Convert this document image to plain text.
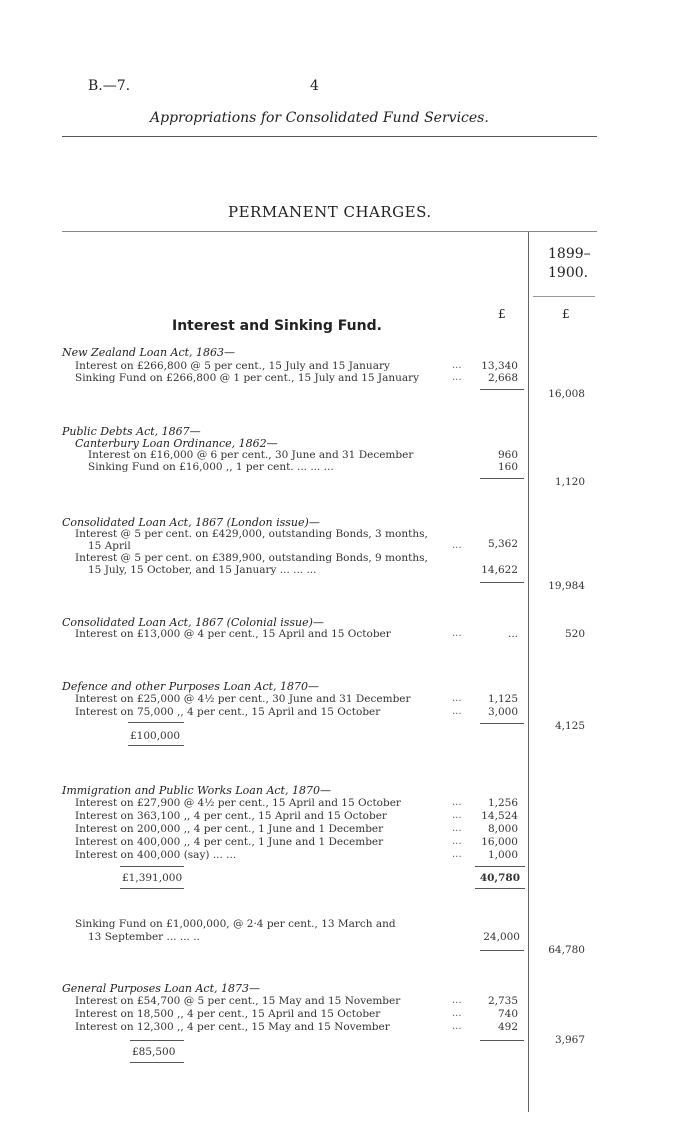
B.—7.	4
Appropriations for Consolidated Fund Services.
PERMANENT CHARGES.
1899–
1900.
£	£
Interest and Sinking Fund.
New Zealand Loan Act, 1863—
Interest on £266,800 @ 5 per cent., 15 July and 15 January	...	13,340
Sinking Fund on £266,800 @ 1 per cent., 15 July and 15 January	...	2,668
16,008
Public Debts Act, 1867—
Canterbury Loan Ordinance, 1862—
Interest on £16,000 @ 6 per cent., 30 June and 31 December	960
Sinking Fund on £16,000 ,, 1 per cent. ... ... ...	160
1,120
Consolidated Loan Act, 1867 (London issue)—
Interest @ 5 per cent. on £429,000, outstanding Bonds, 3 months,
15 April	...	5,362
Interest @ 5 per cent. on £389,900, outstanding Bonds, 9 months,
15 July, 15 October, and 15 January ... ... ...	14,622
19,984
Consolidated Loan Act, 1867 (Colonial issue)—
Interest on £13,000 @ 4 per cent., 15 April and 15 October	...	...	520
Defence and other Purposes Loan Act, 1870—
Interest on £25,000 @ 4½ per cent., 30 June and 31 December	...	1,125
Interest on 75,000 ,, 4 per cent., 15 April and 15 October	...	3,000
£100,000
4,125
Immigration and Public Works Loan Act, 1870—
Interest on £27,900 @ 4½ per cent., 15 April and 15 October	...	1,256
Interest on 363,100 ,, 4 per cent., 15 April and 15 October	...	14,524
Interest on 200,000 ,, 4 per cent., 1 June and 1 December	...	8,000
Interest on 400,000 ,, 4 per cent., 1 June and 1 December	...	16,000
Interest on 400,000 (say) ... ...	...	1,000
£1,391,000	40,780
Sinking Fund on £1,000,000, @ 2·4 per cent., 13 March and
13 September ... ... ..	24,000
64,780
General Purposes Loan Act, 1873—
Interest on £54,700 @ 5 per cent., 15 May and 15 November	...	2,735
Interest on 18,500 ,, 4 per cent., 15 April and 15 October	...	740
Interest on 12,300 ,, 4 per cent., 15 May and 15 November	...	492
£85,500
3,967
